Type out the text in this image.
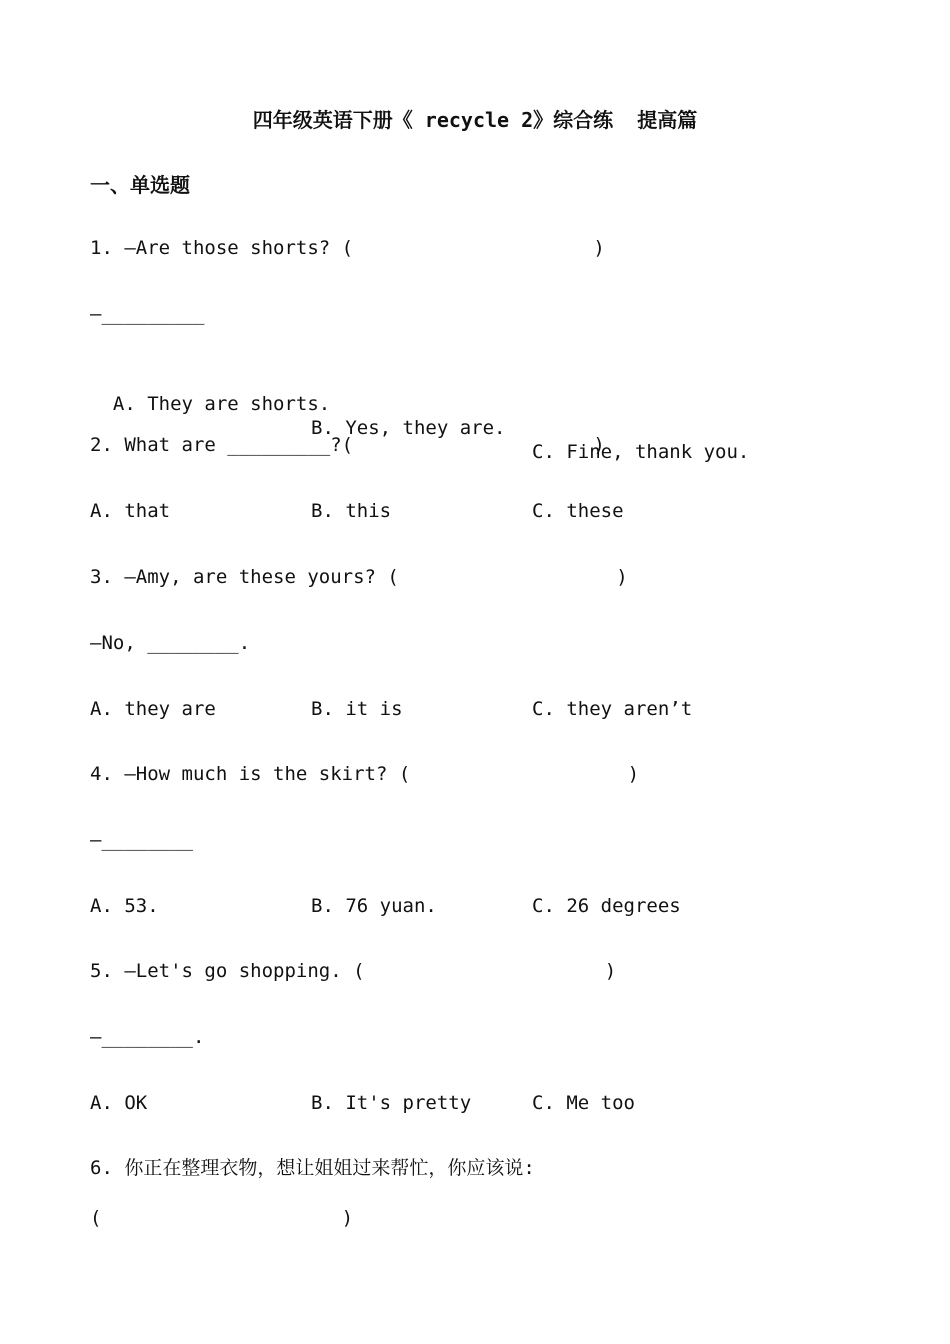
四年级英语下册《 recycle 2》综合练  提高篇
一、单选题
1. —Are those shorts? (                     )
—_________

A. They are shorts.

B. Yes, they are.

C. Fine, thank you.

2. What are _________?(                     )
A. that	B. this	C. these
3. —Amy, are these yours? (                   )
—No, ________.
A. they are	B. it is	C. they aren’t
4. —How much is the skirt? (                   )
—________
A. 53.	B. 76 yuan.	C. 26 degrees
5. —Let's go shopping. (                     )
—________.
A. OK	B. It's pretty	C. Me too
6. 你正在整理衣物，想让姐姐过来帮忙，你应该说:
(                     )
